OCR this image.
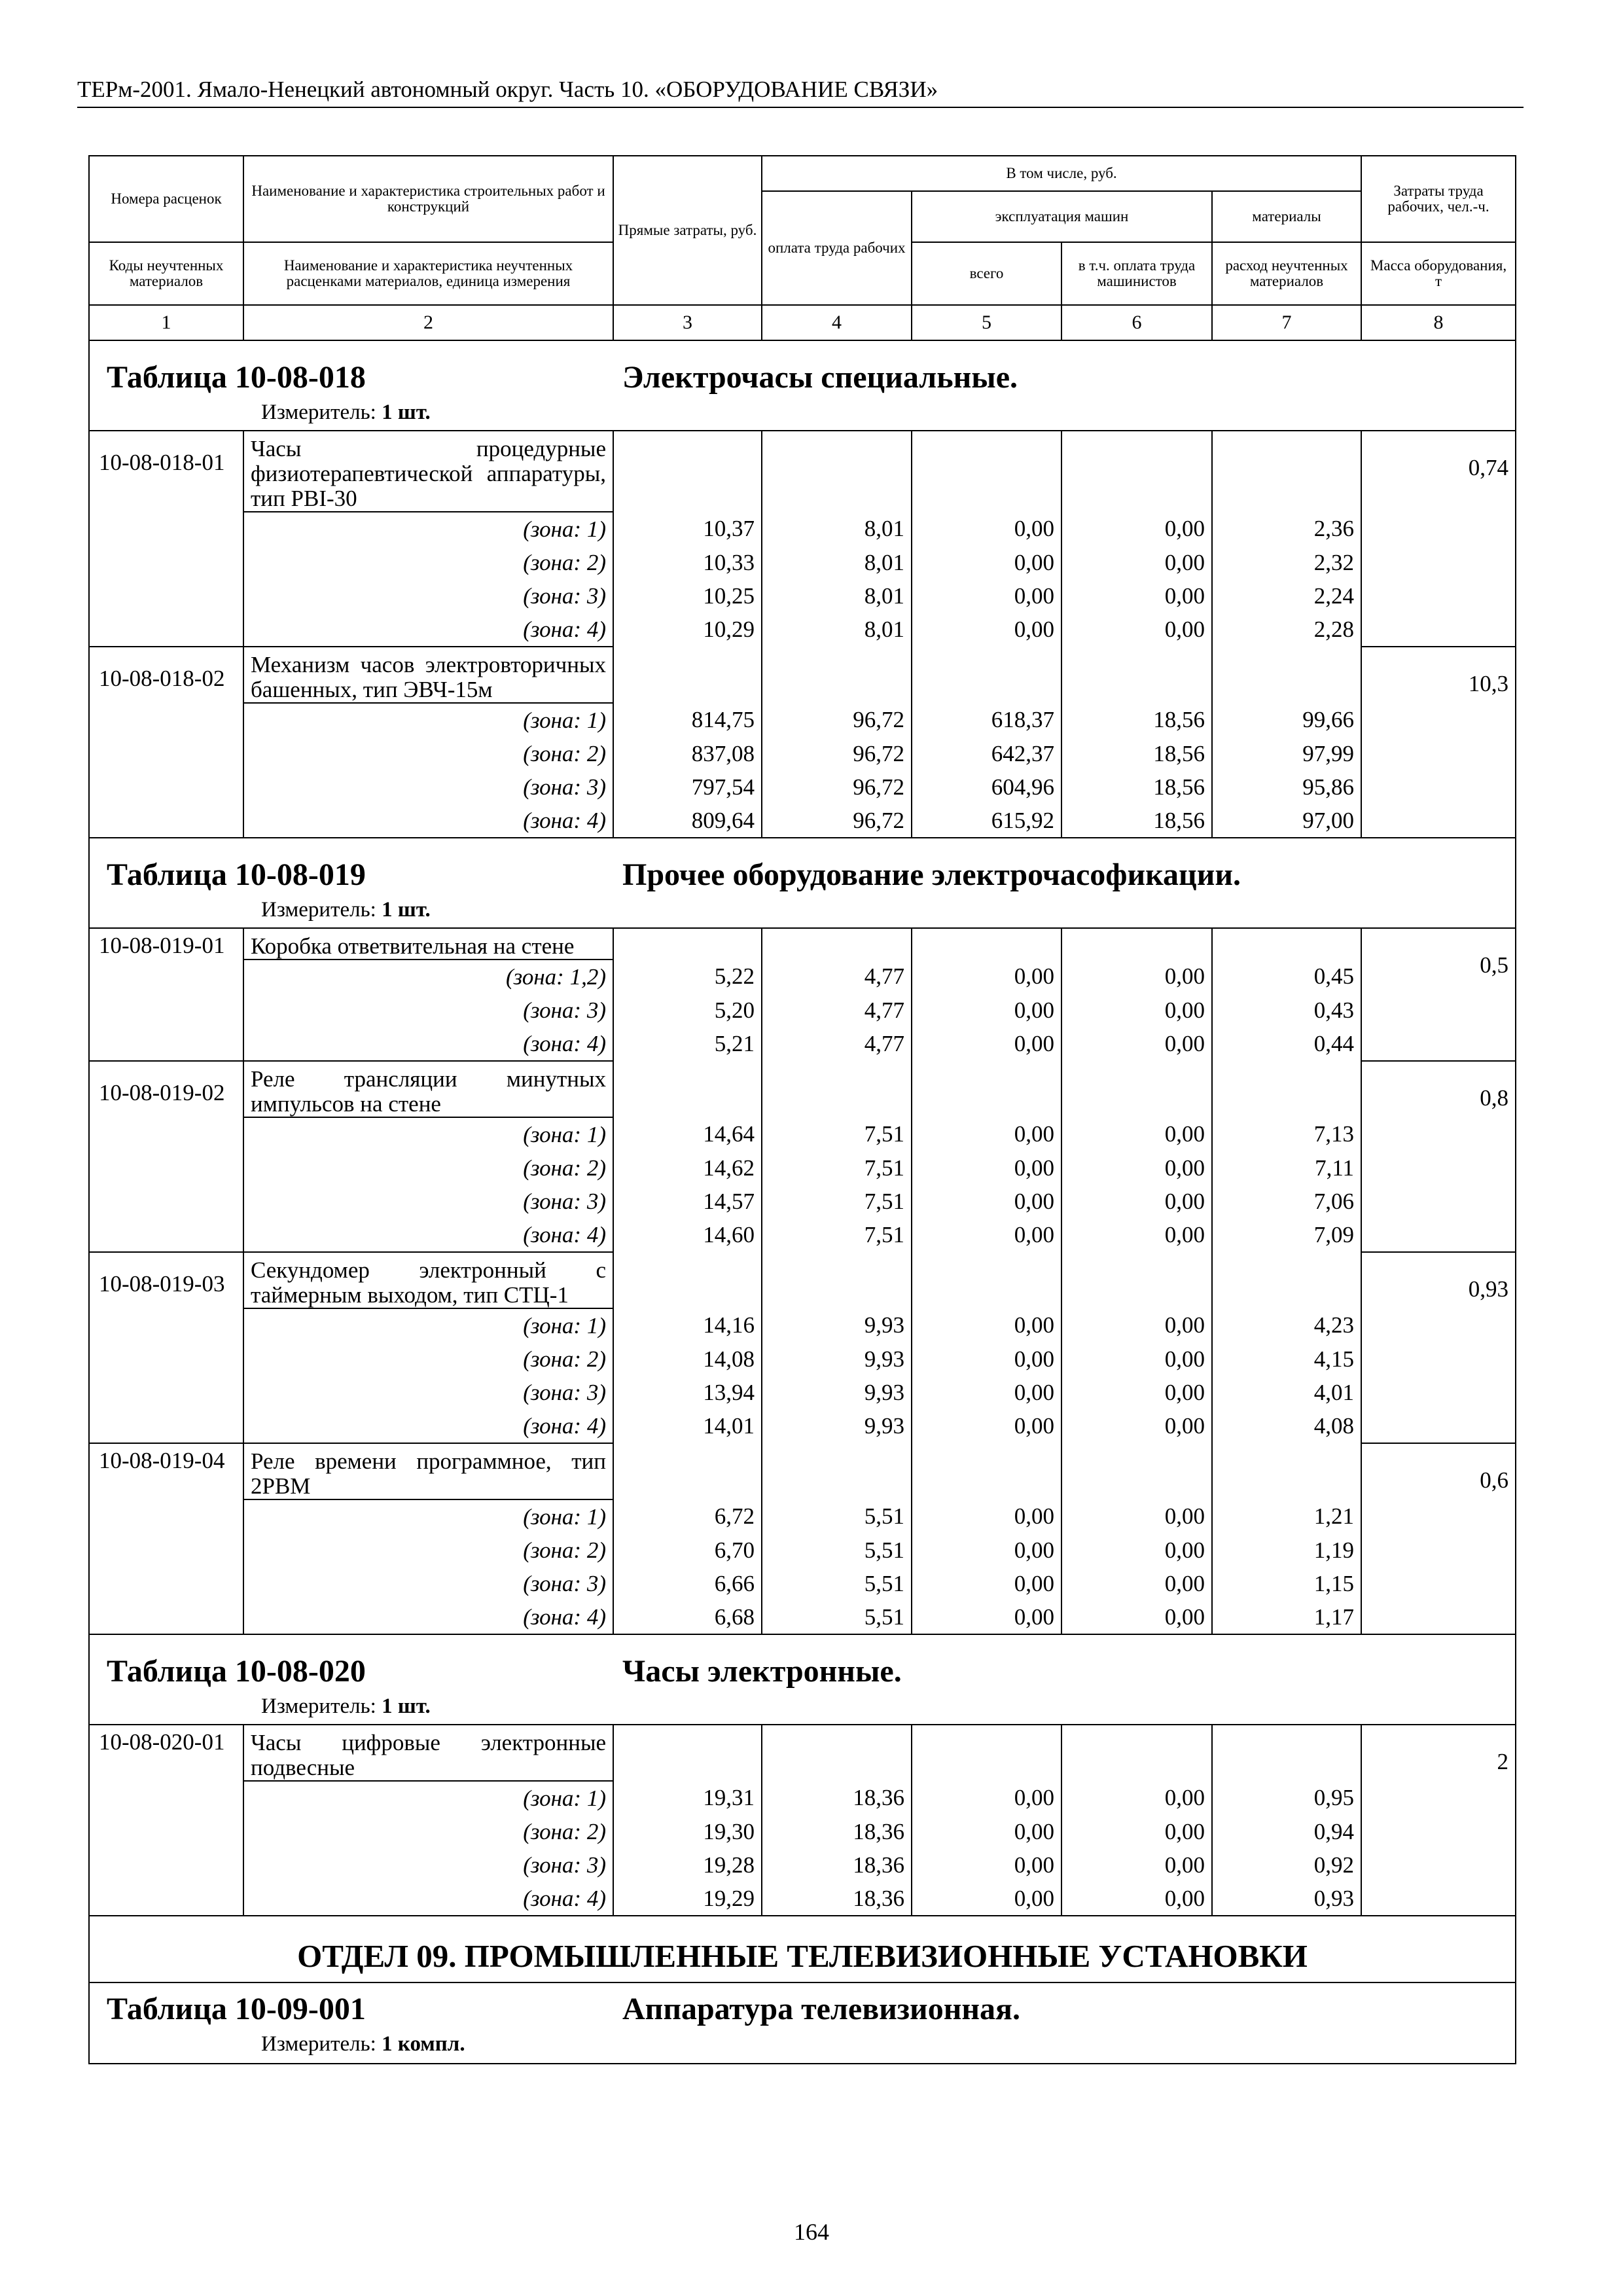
ТЕРм-2001. Ямало-Ненецкий автономный округ. Часть 10. «ОБОРУДОВАНИЕ СВЯЗИ»
Номера расценок	Наименование и характеристика строительных работ и конструкций	Прямые затраты, руб.	В том числе, руб.				Затраты труда рабочих, чел.-ч.

			оплата труда рабочих	эксплуатация машин		материалы	

Коды неучтенных материалов	Наименование и характеристика неучтенных расценками материалов, единица измерения			всего	в т.ч. оплата труда машинистов	расход неучтенных материалов	Масса оборудования, т

1	2	3	4	5	6	7	8

Таблица 10-08-018 Электрочасы специальные.
Измеритель: 1 шт.							

10-08-018-01	Часы процедурные физиотерапевтической аппаратуры, тип PBI-30						0,74
	(зона: 1)	10,37	8,01	0,00	0,00	2,36	
	(зона: 2)	10,33	8,01	0,00	0,00	2,32	
	(зона: 3)	10,25	8,01	0,00	0,00	2,24	
	(зона: 4)	10,29	8,01	0,00	0,00	2,28	
10-08-018-02	Механизм часов электровторичных башенных, тип ЭВЧ-15м						10,3
	(зона: 1)	814,75	96,72	618,37	18,56	99,66	
	(зона: 2)	837,08	96,72	642,37	18,56	97,99	
	(зона: 3)	797,54	96,72	604,96	18,56	95,86	
	(зона: 4)	809,64	96,72	615,92	18,56	97,00	

Таблица 10-08-019 Прочее оборудование электрочасофикации.
Измеритель: 1 шт.							

10-08-019-01	Коробка ответвительная на стене						0,5
	(зона: 1,2)	5,22	4,77	0,00	0,00	0,45	
	(зона: 3)	5,20	4,77	0,00	0,00	0,43	
	(зона: 4)	5,21	4,77	0,00	0,00	0,44	
10-08-019-02	Реле трансляции минутных импульсов на стене						0,8
	(зона: 1)	14,64	7,51	0,00	0,00	7,13	
	(зона: 2)	14,62	7,51	0,00	0,00	7,11	
	(зона: 3)	14,57	7,51	0,00	0,00	7,06	
	(зона: 4)	14,60	7,51	0,00	0,00	7,09	
10-08-019-03	Секундомер электронный с таймерным выходом, тип СТЦ-1						0,93
	(зона: 1)	14,16	9,93	0,00	0,00	4,23	
	(зона: 2)	14,08	9,93	0,00	0,00	4,15	
	(зона: 3)	13,94	9,93	0,00	0,00	4,01	
	(зона: 4)	14,01	9,93	0,00	0,00	4,08	
10-08-019-04	Реле времени программное, тип 2РВМ						0,6
	(зона: 1)	6,72	5,51	0,00	0,00	1,21	
	(зона: 2)	6,70	5,51	0,00	0,00	1,19	
	(зона: 3)	6,66	5,51	0,00	0,00	1,15	
	(зона: 4)	6,68	5,51	0,00	0,00	1,17	

Таблица 10-08-020 Часы электронные.
Измеритель: 1 шт.							

10-08-020-01	Часы цифровые электронные подвесные						2
	(зона: 1)	19,31	18,36	0,00	0,00	0,95	
	(зона: 2)	19,30	18,36	0,00	0,00	0,94	
	(зона: 3)	19,28	18,36	0,00	0,00	0,92	
	(зона: 4)	19,29	18,36	0,00	0,00	0,93	
ОТДЕЛ 09. ПРОМЫШЛЕННЫЕ ТЕЛЕВИЗИОННЫЕ УСТАНОВКИ							

Таблица 10-09-001 Аппаратура телевизионная.
Измеритель: 1 компл.							
164
